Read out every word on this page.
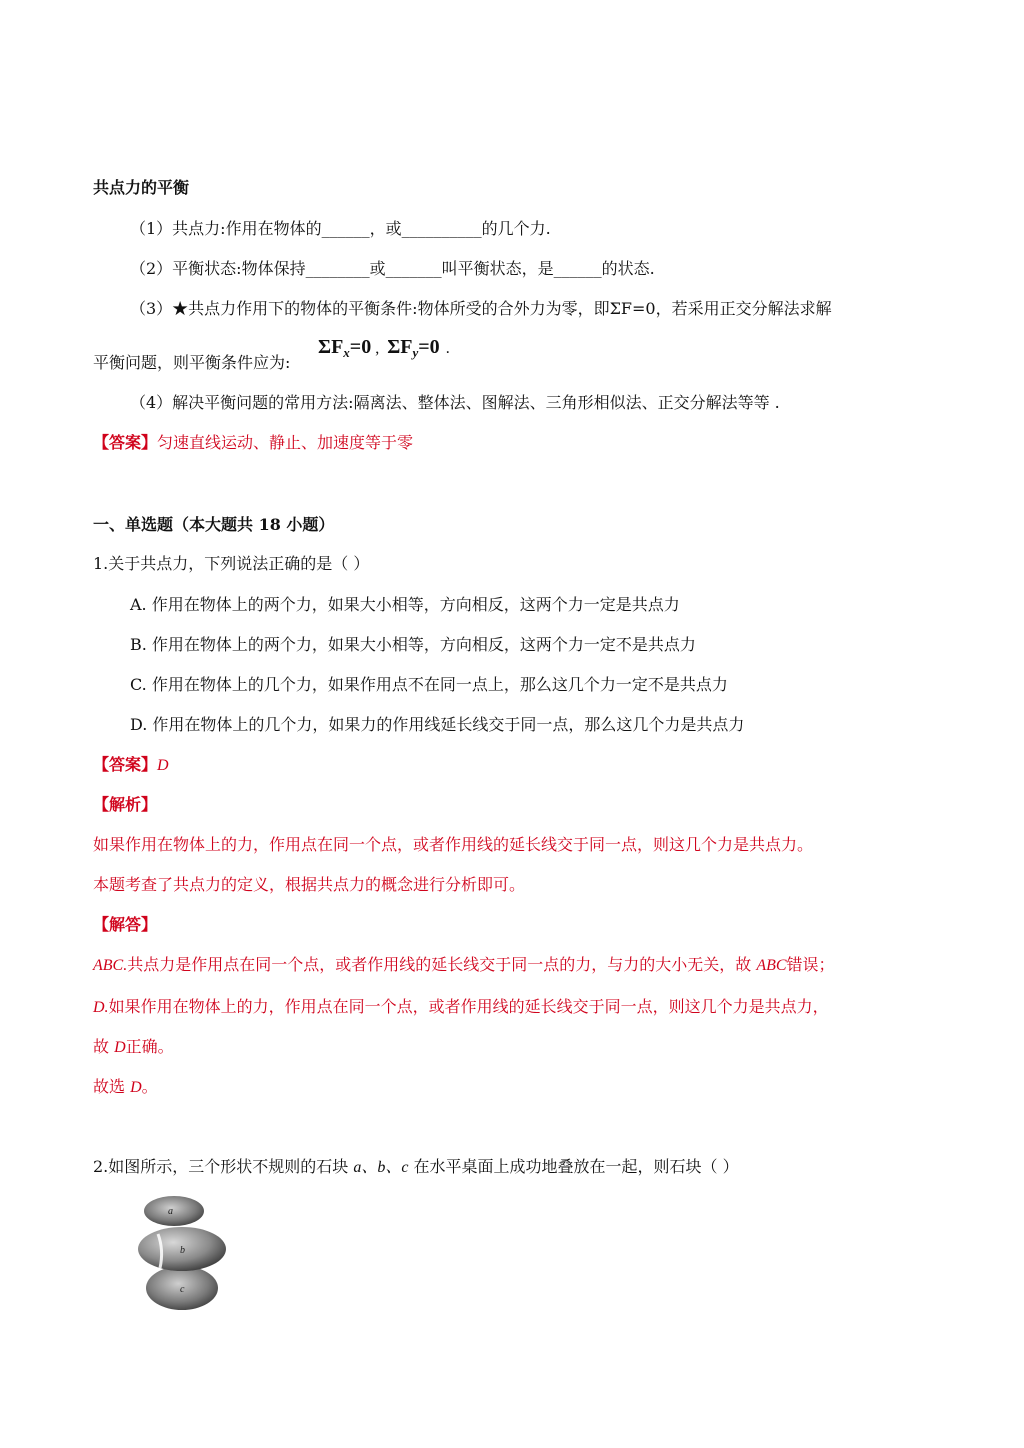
共点力的平衡
（1）共点力:作用在物体的______，或__________的几个力.
（2）平衡状态:物体保持________或_______叫平衡状态，是______的状态.
（3）★共点力作用下的物体的平衡条件:物体所受的合外力为零，即ΣF=0，若采用正交分解法求解
平衡问题，则平衡条件应为:
$\Sigma F_x=0$ , $\Sigma F_y=0$ .
（4）解决平衡问题的常用方法:隔离法、整体法、图解法、三角形相似法、正交分解法等等 .
【答案】匀速直线运动、静止、加速度等于零
一、单选题（本大题共 18 小题）
1.关于共点力，下列说法正确的是（ ）
A. 作用在物体上的两个力，如果大小相等，方向相反，这两个力一定是共点力
B. 作用在物体上的两个力，如果大小相等，方向相反，这两个力一定不是共点力
C. 作用在物体上的几个力，如果作用点不在同一点上，那么这几个力一定不是共点力
D. 作用在物体上的几个力，如果力的作用线延长线交于同一点，那么这几个力是共点力
【答案】D
【解析】
如果作用在物体上的力，作用点在同一个点，或者作用线的延长线交于同一点，则这几个力是共点力。
本题考查了共点力的定义，根据共点力的概念进行分析即可。
【解答】
ABC.共点力是作用点在同一个点，或者作用线的延长线交于同一点的力，与力的大小无关，故 ABC错误；
D.如果作用在物体上的力，作用点在同一个点，或者作用线的延长线交于同一点，则这几个力是共点力，
故 D正确。
故选 D。
2.如图所示，三个形状不规则的石块 a、b、c 在水平桌面上成功地叠放在一起，则石块（ ）
a
b
c
